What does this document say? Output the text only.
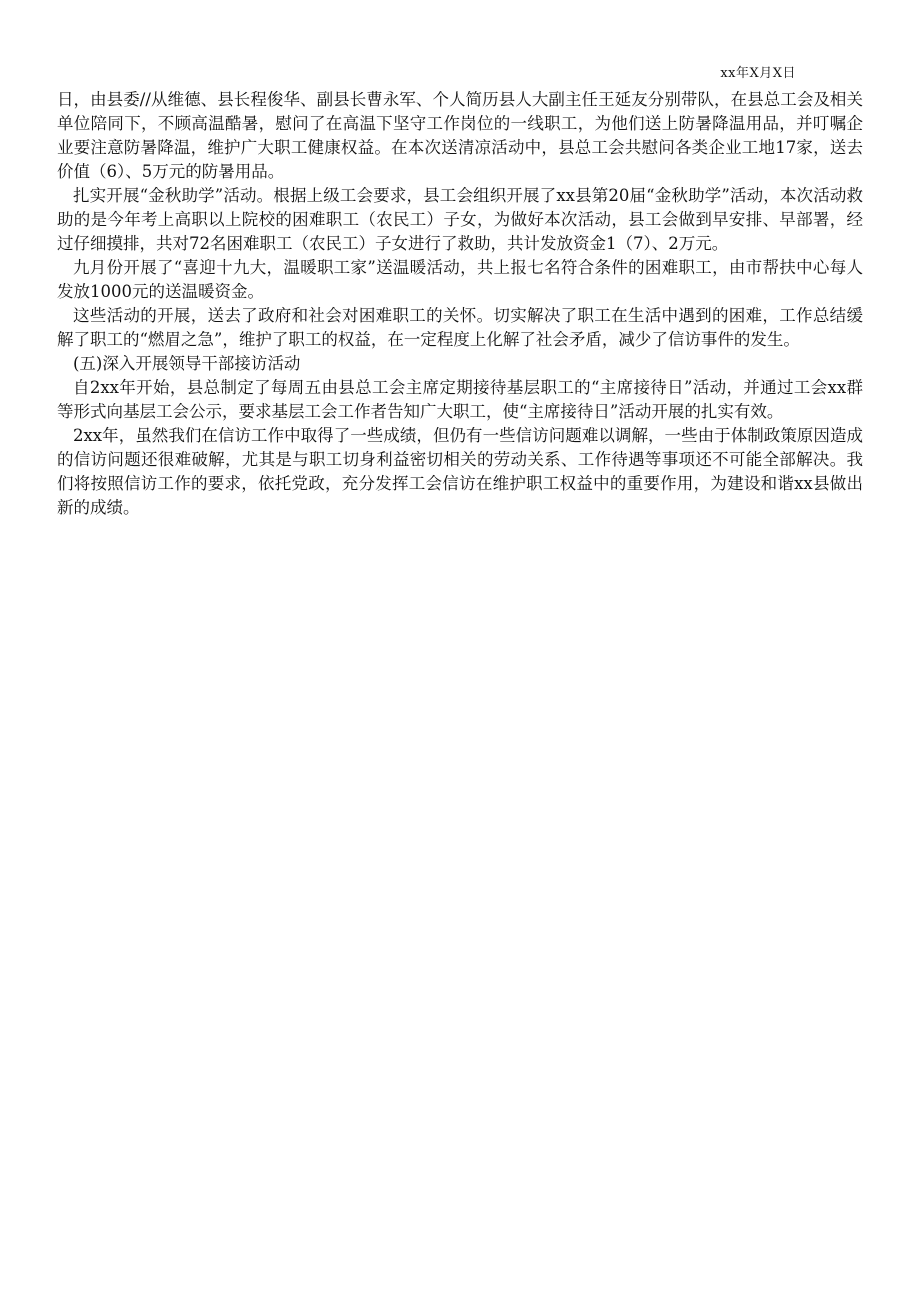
xx年X月X日

日，由县委//从维德、县长程俊华、副县长曹永军、个人简历县人大副主任王延友分别带队，在县总工会及相关单位陪同下，不顾高温酷暑，慰问了在高温下坚守工作岗位的一线职工，为他们送上防暑降温用品，并叮嘱企业要注意防暑降温，维护广大职工健康权益。在本次送清凉活动中，县总工会共慰问各类企业工地17家，送去价值（6）、5万元的防暑用品。

扎实开展“金秋助学”活动。根据上级工会要求，县工会组织开展了xx县第20届“金秋助学”活动，本次活动救助的是今年考上高职以上院校的困难职工（农民工）子女，为做好本次活动，县工会做到早安排、早部署，经过仔细摸排，共对72名困难职工（农民工）子女进行了救助，共计发放资金1（7）、2万元。

九月份开展了“喜迎十九大，温暖职工家”送温暖活动，共上报七名符合条件的困难职工，由市帮扶中心每人发放1000元的送温暖资金。

这些活动的开展，送去了政府和社会对困难职工的关怀。切实解决了职工在生活中遇到的困难，工作总结缓解了职工的“燃眉之急”，维护了职工的权益，在一定程度上化解了社会矛盾，减少了信访事件的发生。

(五)深入开展领导干部接访活动

自2xx年开始，县总制定了每周五由县总工会主席定期接待基层职工的“主席接待日”活动，并通过工会xx群等形式向基层工会公示，要求基层工会工作者告知广大职工，使“主席接待日”活动开展的扎实有效。

2xx年，虽然我们在信访工作中取得了一些成绩，但仍有一些信访问题难以调解，一些由于体制政策原因造成的信访问题还很难破解，尤其是与职工切身利益密切相关的劳动关系、工作待遇等事项还不可能全部解决。我们将按照信访工作的要求，依托党政，充分发挥工会信访在维护职工权益中的重要作用，为建设和谐xx县做出新的成绩。
